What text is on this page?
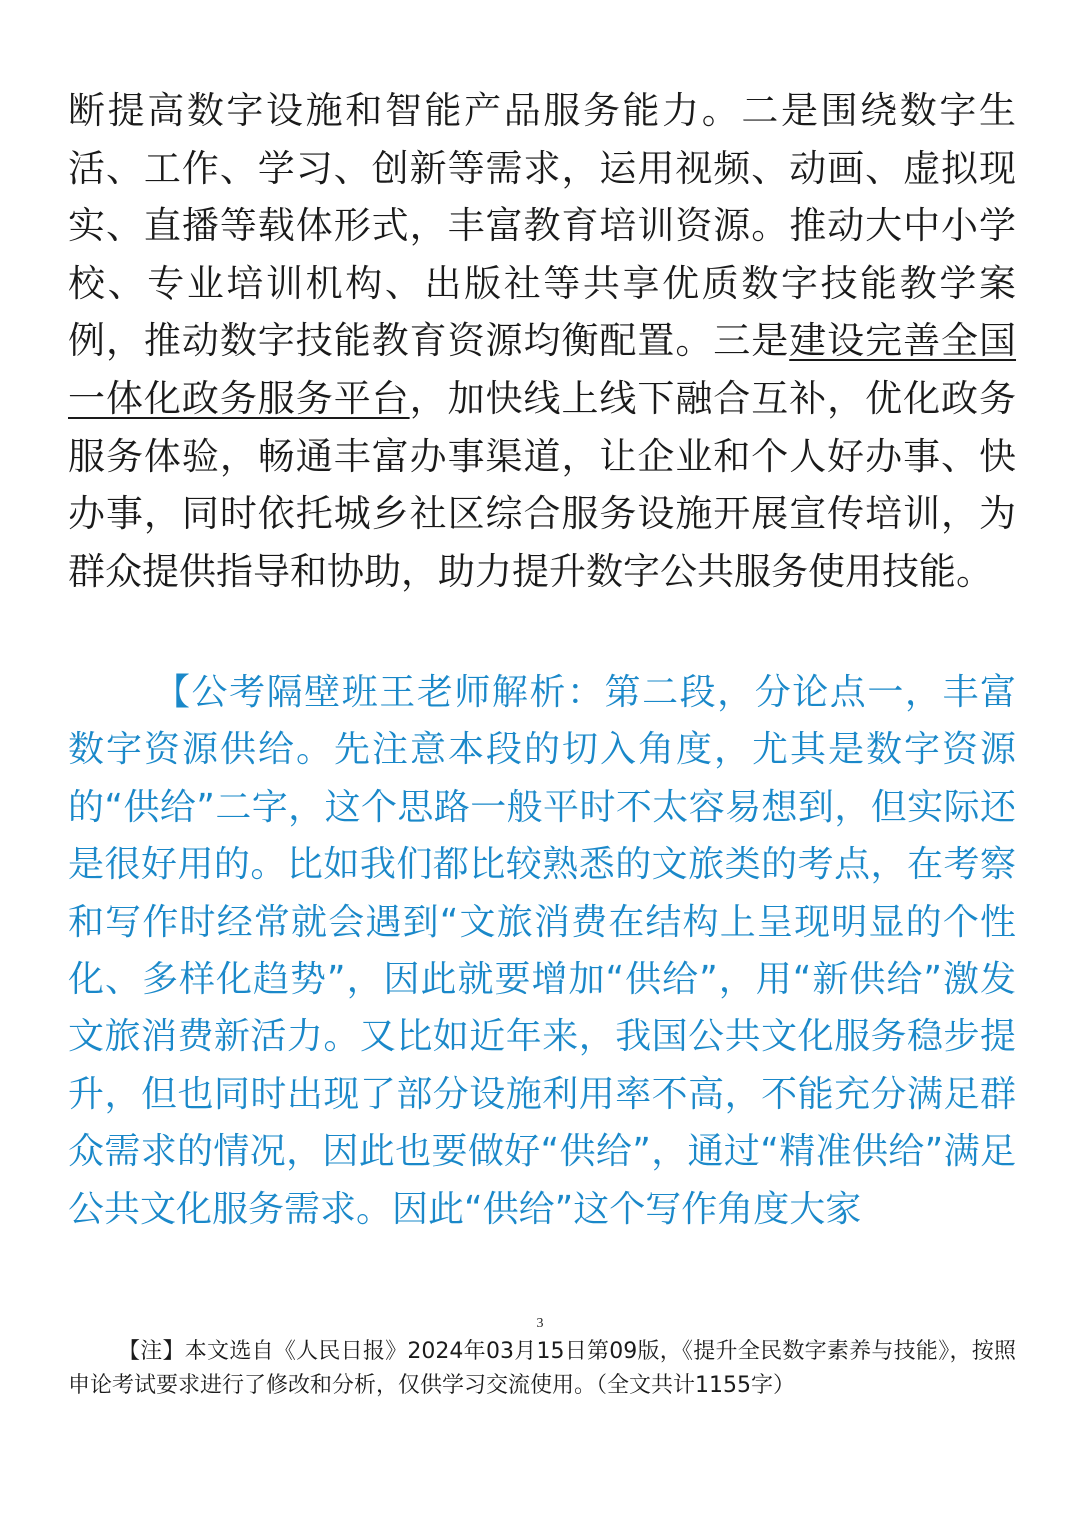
断提高数字设施和智能产品服务能力。二是围绕数字生活、工作、学习、创新等需求，运用视频、动画、虚拟现实、直播等载体形式，丰富教育培训资源。推动大中小学校、专业培训机构、出版社等共享优质数字技能教学案例，推动数字技能教育资源均衡配置。三是建设完善全国一体化政务服务平台，加快线上线下融合互补，优化政务服务体验，畅通丰富办事渠道，让企业和个人好办事、快办事，同时依托城乡社区综合服务设施开展宣传培训，为群众提供指导和协助，助力提升数字公共服务使用技能。

【公考隔壁班王老师解析：第二段，分论点一，丰富数字资源供给。先注意本段的切入角度，尤其是数字资源的“供给”二字，这个思路一般平时不太容易想到，但实际还是很好用的。比如我们都比较熟悉的文旅类的考点，在考察和写作时经常就会遇到“文旅消费在结构上呈现明显的个性化、多样化趋势”，因此就要增加“供给”，用“新供给”激发文旅消费新活力。又比如近年来，我国公共文化服务稳步提升，但也同时出现了部分设施利用率不高，不能充分满足群众需求的情况，因此也要做好“供给”，通过“精准供给”满足公共文化服务需求。因此“供给”这个写作角度大家

3

【注】本文选自《人民日报》2024年03月15日第09版，《提升全民数字素养与技能》，按照申论考试要求进行了修改和分析，仅供学习交流使用。（全文共计1155字）
